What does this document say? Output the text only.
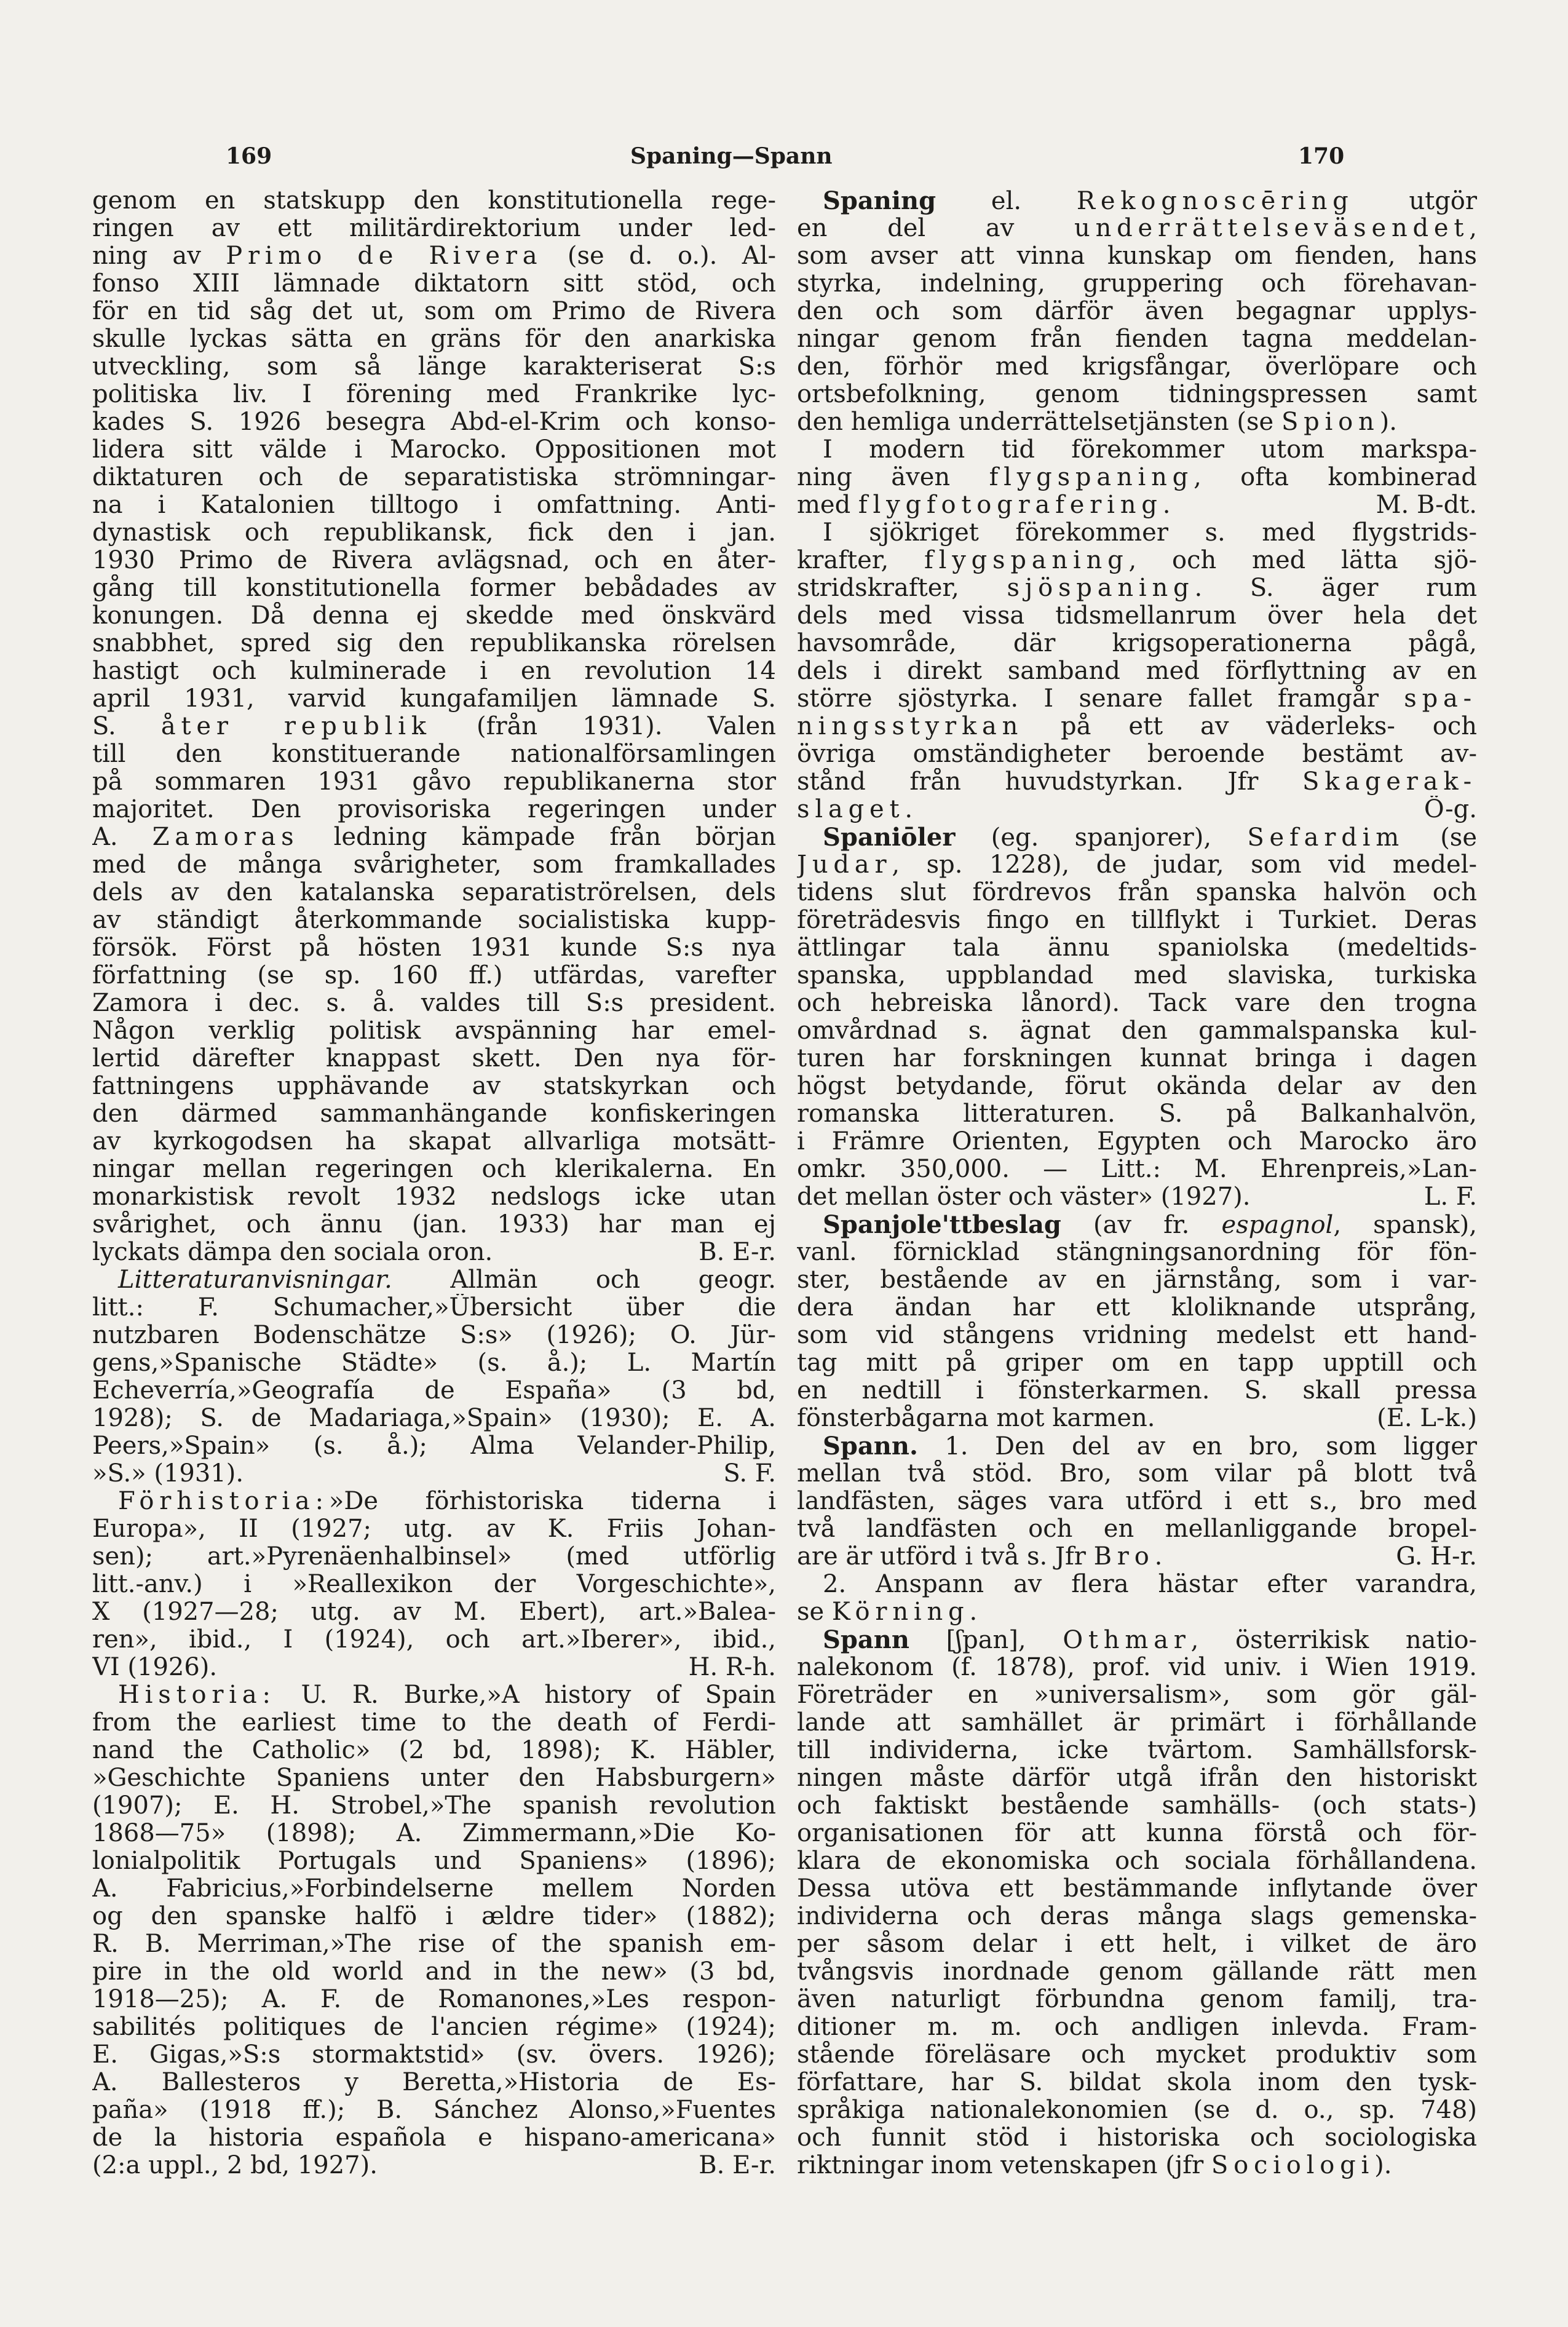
169	Spaning—Spann	170
genom en statskupp den konstitutionella rege-
ringen av ett militärdirektorium under led-
ning av Primo de Rivera (se d. o.). Al-
fonso XIII lämnade diktatorn sitt stöd, och
för en tid såg det ut, som om Primo de Rivera
skulle lyckas sätta en gräns för den anarkiska
utveckling, som så länge karakteriserat S:s
politiska liv. I förening med Frankrike lyc-
kades S. 1926 besegra Abd-el-Krim och konso-
lidera sitt välde i Marocko. Oppositionen mot
diktaturen och de separatistiska strömningar-
na i Katalonien tilltogo i omfattning. Anti-
dynastisk och republikansk, fick den i jan.
1930 Primo de Rivera avlägsnad, och en åter-
gång till konstitutionella former bebådades av
konungen. Då denna ej skedde med önskvärd
snabbhet, spred sig den republikanska rörelsen
hastigt och kulminerade i en revolution 14
april 1931, varvid kungafamiljen lämnade S.
S. åter republik (från 1931). Valen
till den konstituerande nationalförsamlingen
på sommaren 1931 gåvo republikanerna stor
majoritet. Den provisoriska regeringen under
A. Zamoras ledning kämpade från början
med de många svårigheter, som framkallades
dels av den katalanska separatiströrelsen, dels
av ständigt återkommande socialistiska kupp-
försök. Först på hösten 1931 kunde S:s nya
författning (se sp. 160 ff.) utfärdas, varefter
Zamora i dec. s. å. valdes till S:s president.
Någon verklig politisk avspänning har emel-
lertid därefter knappast skett. Den nya för-
fattningens upphävande av statskyrkan och
den därmed sammanhängande konfiskeringen
av kyrkogodsen ha skapat allvarliga motsätt-
ningar mellan regeringen och klerikalerna. En
monarkistisk revolt 1932 nedslogs icke utan
svårighet, och ännu (jan. 1933) har man ej
B. E-r.
lyckats dämpa den sociala oron.
Litteraturanvisningar. Allmän och geogr.
litt.: F. Schumacher,»Übersicht über die
nutzbaren Bodenschätze S:s» (1926); O. Jür-
gens,»Spanische Städte» (s. å.); L. Martín
Echeverría,»Geografía de España» (3 bd,
1928); S. de Madariaga,»Spain» (1930); E. A.
Peers,»Spain» (s. å.); Alma Velander-Philip,
S. F.
»S.» (1931).
Förhistoria:»De förhistoriska tiderna i
Europa», II (1927; utg. av K. Friis Johan-
sen); art.»Pyrenäenhalbinsel» (med utförlig
litt.-anv.) i »Reallexikon der Vorgeschichte»,
X (1927—28; utg. av M. Ebert), art.»Balea-
ren», ibid., I (1924), och art.»Iberer», ibid.,
H. R-h.
VI (1926).
Historia: U. R. Burke,»A history of Spain
from the earliest time to the death of Ferdi-
nand the Catholic» (2 bd, 1898); K. Häbler,
»Geschichte Spaniens unter den Habsburgern»
(1907); E. H. Strobel,»The spanish revolution
1868—75» (1898); A. Zimmermann,»Die Ko-
lonialpolitik Portugals und Spaniens» (1896);
A. Fabricius,»Forbindelserne mellem Norden
og den spanske halfö i ældre tider» (1882);
R. B. Merriman,»The rise of the spanish em-
pire in the old world and in the new» (3 bd,
1918—25); A. F. de Romanones,»Les respon-
sabilités politiques de l'ancien régime» (1924);
E. Gigas,»S:s stormaktstid» (sv. övers. 1926);
A. Ballesteros y Beretta,»Historia de Es-
paña» (1918 ff.); B. Sánchez Alonso,»Fuentes
de la historia española e hispano-americana»
B. E-r.
(2:a uppl., 2 bd, 1927).
Spaning el. Rekognoscēring utgör
en del av underrättelseväsendet,
som avser att vinna kunskap om fienden, hans
styrka, indelning, gruppering och förehavan-
den och som därför även begagnar upplys-
ningar genom från fienden tagna meddelan-
den, förhör med krigsfångar, överlöpare och
ortsbefolkning, genom tidningspressen samt
den hemliga underrättelsetjänsten (se Spion).
I modern tid förekommer utom markspa-
ning även flygspaning, ofta kombinerad
M. B-dt.
med flygfotografering.
I sjökriget förekommer s. med flygstrids-
krafter, flygspaning, och med lätta sjö-
stridskrafter, sjöspaning. S. äger rum
dels med vissa tidsmellanrum över hela det
havsområde, där krigsoperationerna pågå,
dels i direkt samband med förflyttning av en
större sjöstyrka. I senare fallet framgår spa-
ningsstyrkan på ett av väderleks- och
övriga omständigheter beroende bestämt av-
stånd från huvudstyrkan. Jfr Skagerak-
Ö-g.
slaget.
Spaniōler (eg. spanjorer), Sefardim (se
Judar, sp. 1228), de judar, som vid medel-
tidens slut fördrevos från spanska halvön och
företrädesvis fingo en tillflykt i Turkiet. Deras
ättlingar tala ännu spaniolska (medeltids-
spanska, uppblandad med slaviska, turkiska
och hebreiska lånord). Tack vare den trogna
omvårdnad s. ägnat den gammalspanska kul-
turen har forskningen kunnat bringa i dagen
högst betydande, förut okända delar av den
romanska litteraturen. S. på Balkanhalvön,
i Främre Orienten, Egypten och Marocko äro
omkr. 350,000. — Litt.: M. Ehrenpreis,»Lan-
L. F.
det mellan öster och väster» (1927).
Spanjole'ttbeslag (av fr. espagnol, spansk),
vanl. förnicklad stängningsanordning för fön-
ster, bestående av en järnstång, som i var-
dera ändan har ett kloliknande utsprång,
som vid stångens vridning medelst ett hand-
tag mitt på griper om en tapp upptill och
en nedtill i fönsterkarmen. S. skall pressa
(E. L-k.)
fönsterbågarna mot karmen.
Spann. 1. Den del av en bro, som ligger
mellan två stöd. Bro, som vilar på blott två
landfästen, säges vara utförd i ett s., bro med
två landfästen och en mellanliggande bropel-
G. H-r.
are är utförd i två s. Jfr Bro.
2. Anspann av flera hästar efter varandra,
se Körning.
Spann [ʃpan], Othmar, österrikisk natio-
nalekonom (f. 1878), prof. vid univ. i Wien 1919.
Företräder en »universalism», som gör gäl-
lande att samhället är primärt i förhållande
till individerna, icke tvärtom. Samhällsforsk-
ningen måste därför utgå ifrån den historiskt
och faktiskt bestående samhälls- (och stats-)
organisationen för att kunna förstå och för-
klara de ekonomiska och sociala förhållandena.
Dessa utöva ett bestämmande inflytande över
individerna och deras många slags gemenska-
per såsom delar i ett helt, i vilket de äro
tvångsvis inordnade genom gällande rätt men
även naturligt förbundna genom familj, tra-
ditioner m. m. och andligen inlevda. Fram-
stående föreläsare och mycket produktiv som
författare, har S. bildat skola inom den tysk-
språkiga nationalekonomien (se d. o., sp. 748)
och funnit stöd i historiska och sociologiska
riktningar inom vetenskapen (jfr Sociologi).
